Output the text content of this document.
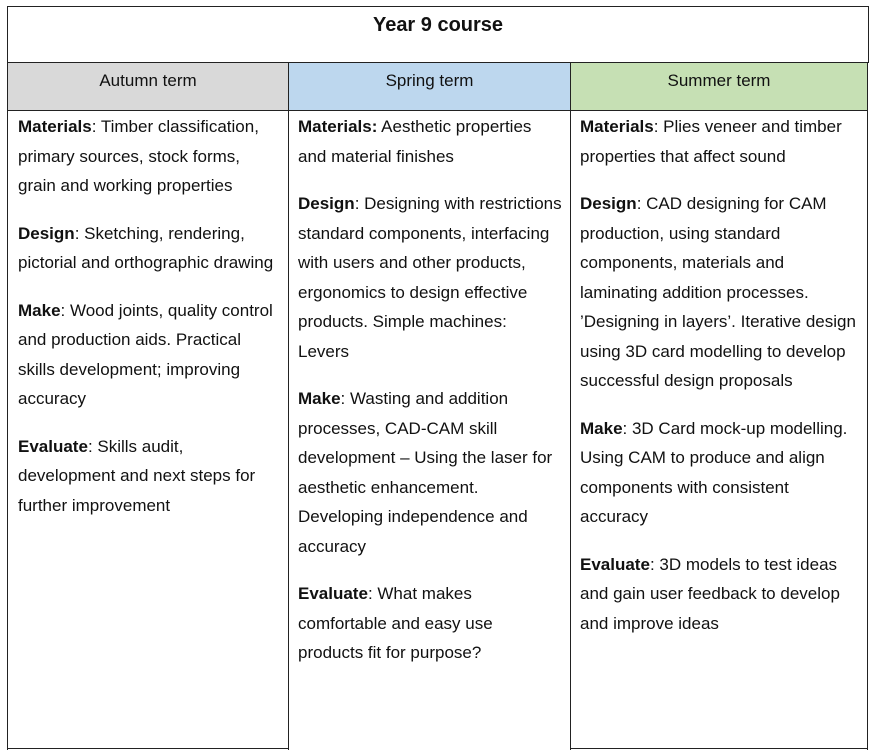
Year 9 course
Autumn term	Spring term	Summer term

Materials: Timber classification, primary sources, stock forms, grain and working properties

Design: Sketching, rendering, pictorial and orthographic drawing

Make: Wood joints, quality control and production aids. Practical skills development; improving accuracy

Evaluate: Skills audit, development and next steps for further improvement

Materials: Aesthetic properties and material finishes

Design: Designing with restrictions standard components, interfacing with users and other products, ergonomics to design effective products. Simple machines: Levers

Make: Wasting and addition processes, CAD-CAM skill development – Using the laser for aesthetic enhancement. Developing independence and accuracy

Evaluate: What makes comfortable and easy use products fit for purpose?

Materials: Plies veneer and timber properties that affect sound

Design: CAD designing for CAM production, using standard components, materials and laminating addition processes. ’Designing in layers’. Iterative design using 3D card modelling to develop successful design proposals

Make: 3D Card mock-up modelling. Using CAM to produce and align components with consistent accuracy

Evaluate: 3D models to test ideas and gain user feedback to develop and improve ideas
